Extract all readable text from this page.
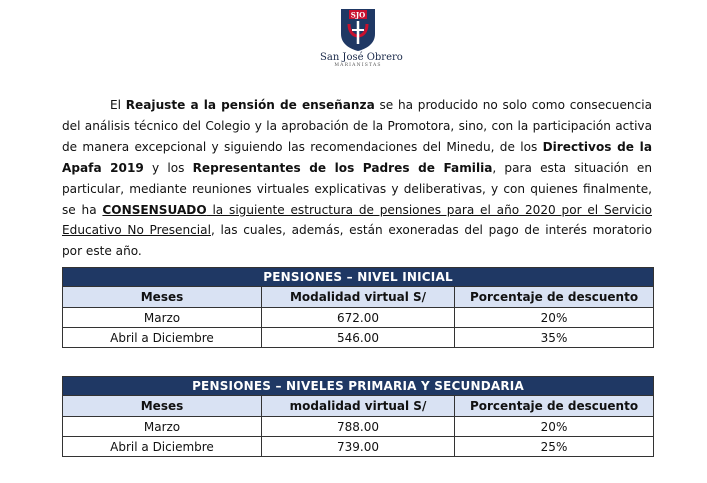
SJO
San José Obrero
MARIANISTAS
El Reajuste a la pensión de enseñanza se ha producido no solo como consecuencia del análisis técnico del Colegio y la aprobación de la Promotora, sino, con la participación activa de manera excepcional y siguiendo las recomendaciones del Minedu, de los Directivos de la Apafa 2019 y los Representantes de los Padres de Familia, para esta situación en particular, mediante reuniones virtuales explicativas y deliberativas, y con quienes finalmente, se ha CONSENSUADO la siguiente estructura de pensiones para el año 2020 por el Servicio Educativo No Presencial, las cuales, además, están exoneradas del pago de interés moratorio por este año.
PENSIONES – NIVEL INICIAL		
Meses	Modalidad virtual S/	Porcentaje de descuento
Marzo	672.00	20%
Abril a Diciembre	546.00	35%
PENSIONES – NIVELES PRIMARIA Y SECUNDARIA		
Meses	modalidad virtual S/	Porcentaje de descuento
Marzo	788.00	20%
Abril a Diciembre	739.00	25%
